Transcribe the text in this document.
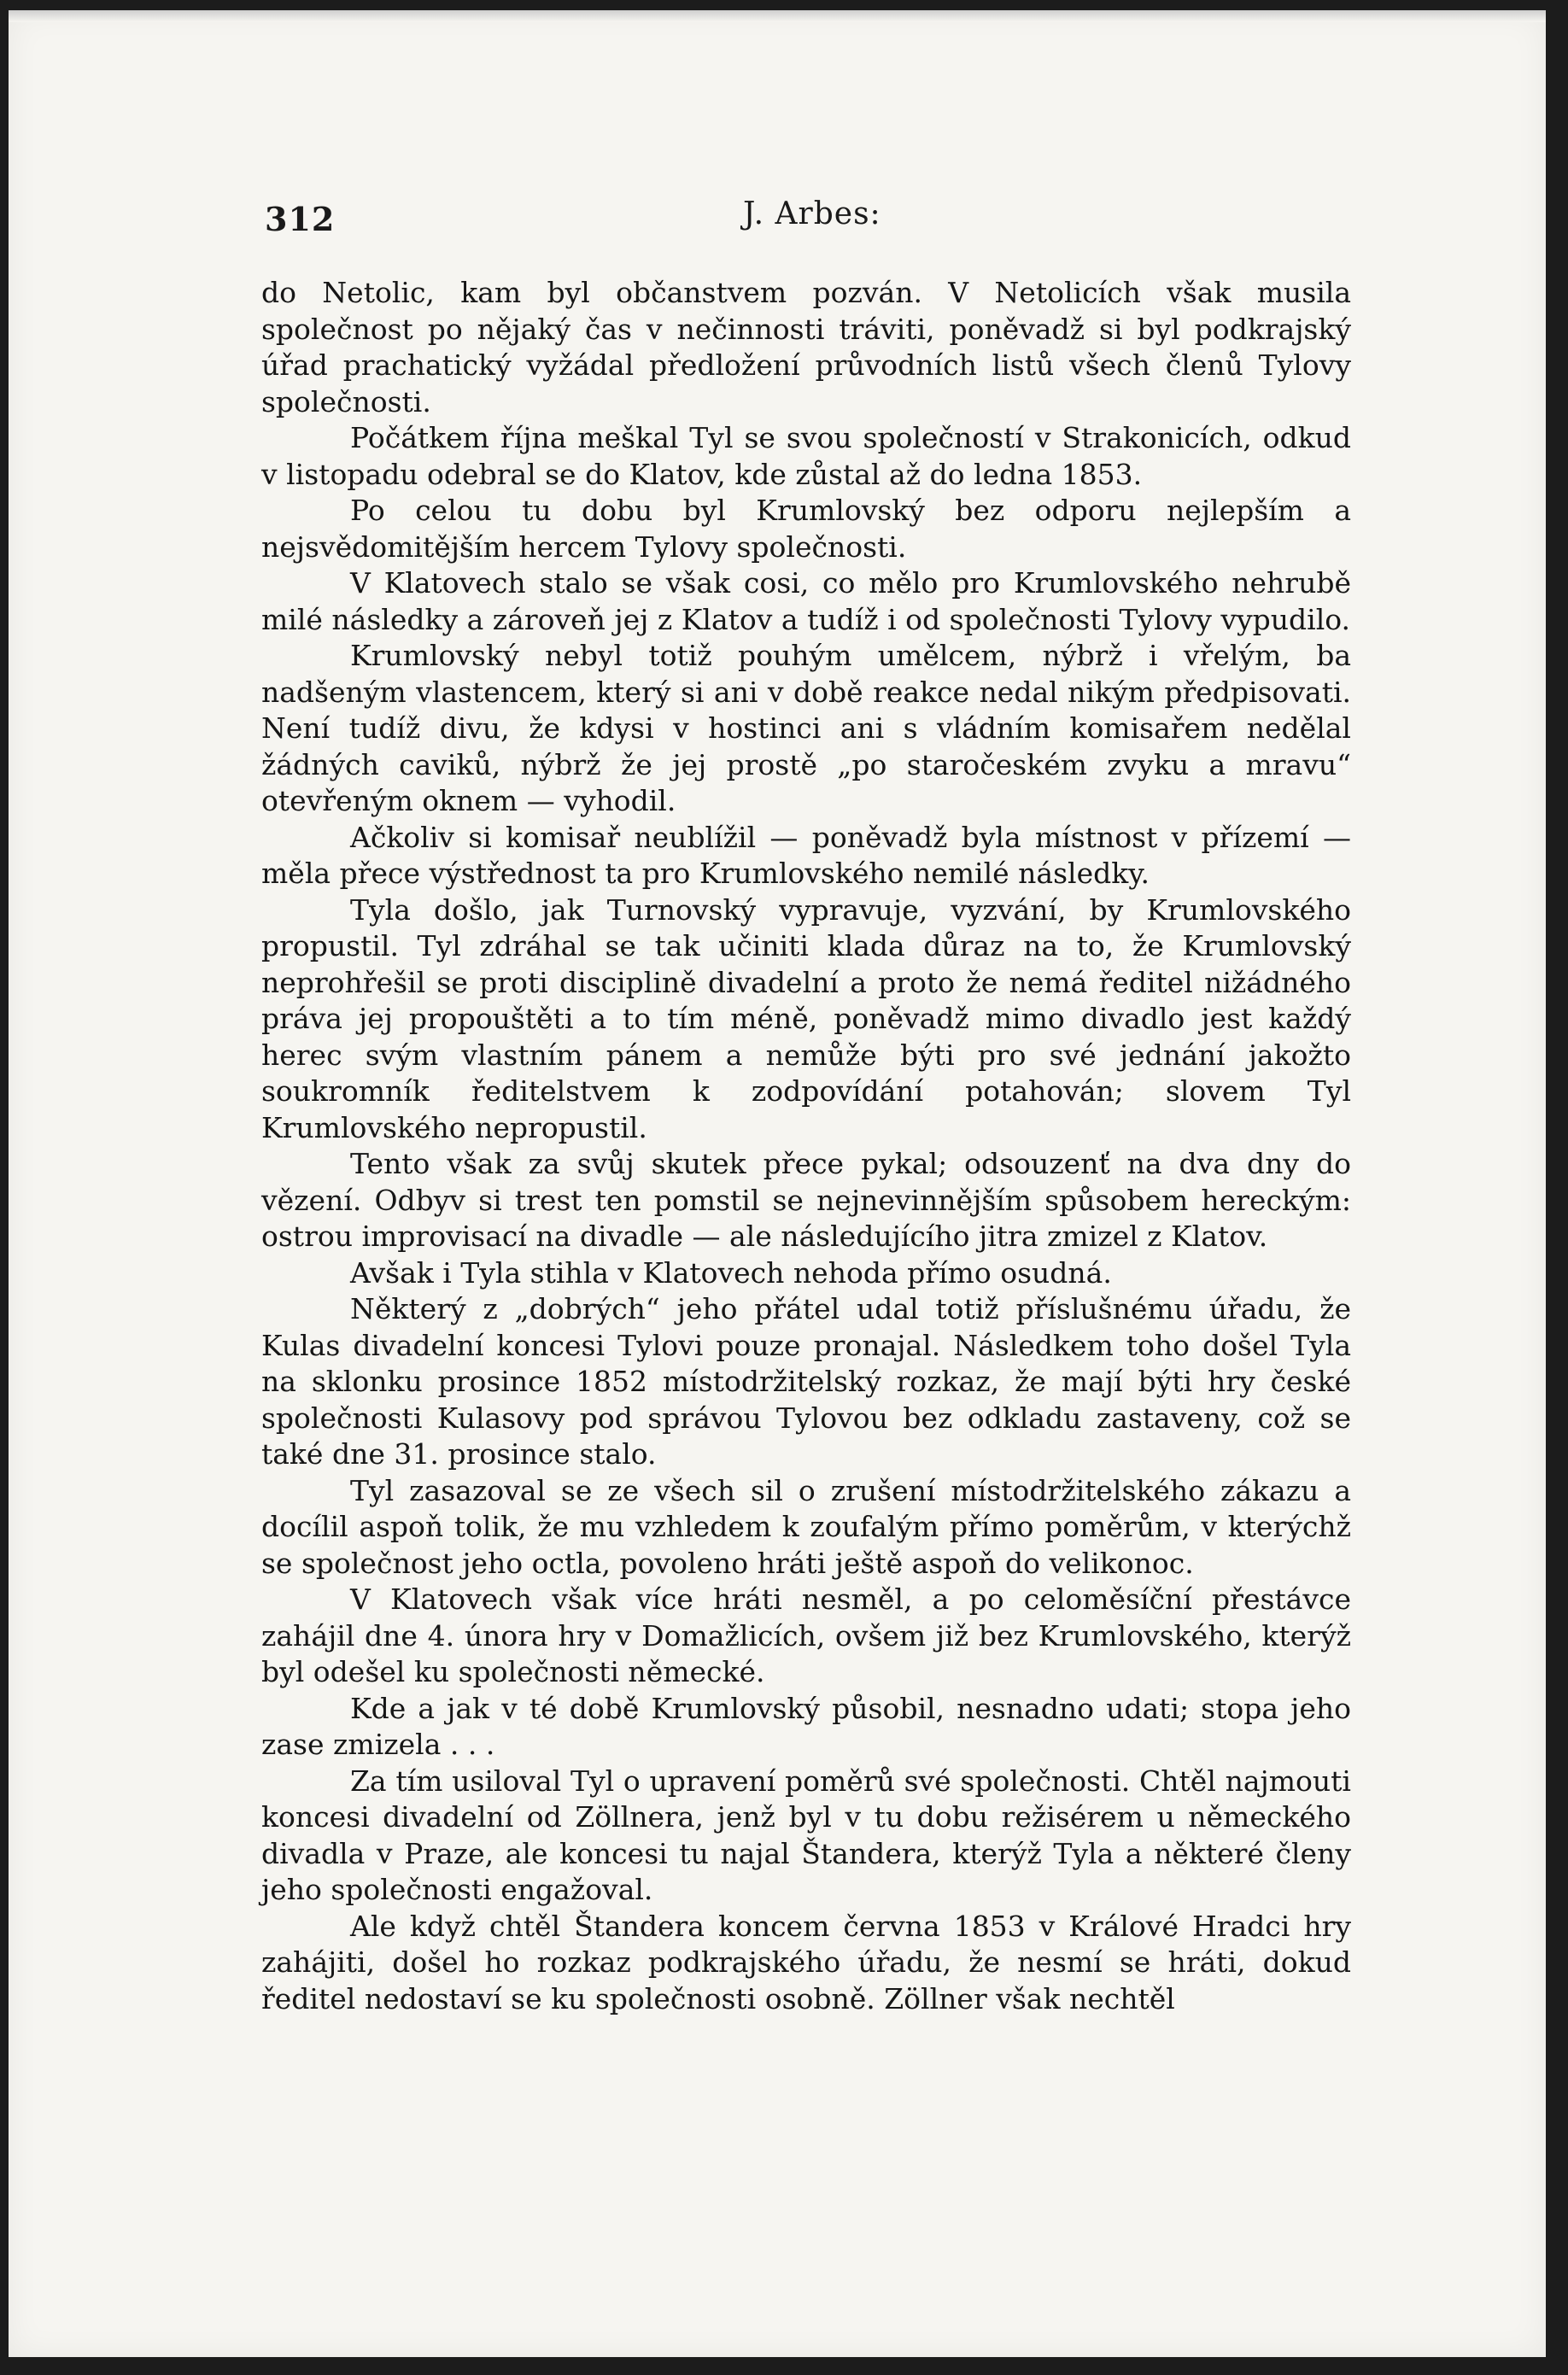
312	J. Arbes:

do Netolic, kam byl občanstvem pozván. V Netolicích však musila společnost po nějaký čas v nečinnosti tráviti, poněvadž si byl podkrajský úřad prachatický vyžádal předložení průvodních listů všech členů Tylovy společnosti.

Počátkem října meškal Tyl se svou společností v Strakonicích, odkud v listopadu odebral se do Klatov, kde zůstal až do ledna 1853.

Po celou tu dobu byl Krumlovský bez odporu nejlepším a nejsvědomitějším hercem Tylovy společnosti.

V Klatovech stalo se však cosi, co mělo pro Krumlovského nehrubě milé následky a zároveň jej z Klatov a tudíž i od společnosti Tylovy vypudilo.

Krumlovský nebyl totiž pouhým umělcem, nýbrž i vřelým, ba nadšeným vlastencem, který si ani v době reakce nedal nikým předpisovati. Není tudíž divu, že kdysi v hostinci ani s vládním komisařem nedělal žádných caviků, nýbrž že jej prostě „po staročeském zvyku a mravu“ otevřeným oknem — vyhodil.

Ačkoliv si komisař neublížil — poněvadž byla místnost v přízemí — měla přece výstřednost ta pro Krumlovského nemilé následky.

Tyla došlo, jak Turnovský vypravuje, vyzvání, by Krumlovského propustil. Tyl zdráhal se tak učiniti klada důraz na to, že Krumlovský neprohřešil se proti disciplině divadelní a proto že nemá ředitel nižádného práva jej propouštěti a to tím méně, poněvadž mimo divadlo jest každý herec svým vlastním pánem a nemůže býti pro své jednání jakožto soukromník ředitelstvem k zodpovídání potahován; slovem Tyl Krumlovského nepropustil.

Tento však za svůj skutek přece pykal; odsouzenť na dva dny do vězení. Odbyv si trest ten pomstil se nejnevinnějším spůsobem hereckým: ostrou improvisací na divadle — ale následujícího jitra zmizel z Klatov.

Avšak i Tyla stihla v Klatovech nehoda přímo osudná.

Některý z „dobrých“ jeho přátel udal totiž příslušnému úřadu, že Kulas divadelní koncesi Tylovi pouze pronajal. Následkem toho došel Tyla na sklonku prosince 1852 místodržitelský rozkaz, že mají býti hry české společnosti Kulasovy pod správou Tylovou bez odkladu zastaveny, což se také dne 31. prosince stalo.

Tyl zasazoval se ze všech sil o zrušení místodržitelského zákazu a docílil aspoň tolik, že mu vzhledem k zoufalým přímo poměrům, v kterýchž se společnost jeho octla, povoleno hráti ještě aspoň do velikonoc.

V Klatovech však více hráti nesměl, a po celoměsíční přestávce zahájil dne 4. února hry v Domažlicích, ovšem již bez Krumlovského, kterýž byl odešel ku společnosti německé.

Kde a jak v té době Krumlovský působil, nesnadno udati; stopa jeho zase zmizela . . .

Za tím usiloval Tyl o upravení poměrů své společnosti. Chtěl najmouti koncesi divadelní od Zöllnera, jenž byl v tu dobu režisérem u německého divadla v Praze, ale koncesi tu najal Štandera, kterýž Tyla a některé členy jeho společnosti engažoval.

Ale když chtěl Štandera koncem června 1853 v Králové Hradci hry zahájiti, došel ho rozkaz podkrajského úřadu, že nesmí se hráti, dokud ředitel nedostaví se ku společnosti osobně. Zöllner však nechtěl
